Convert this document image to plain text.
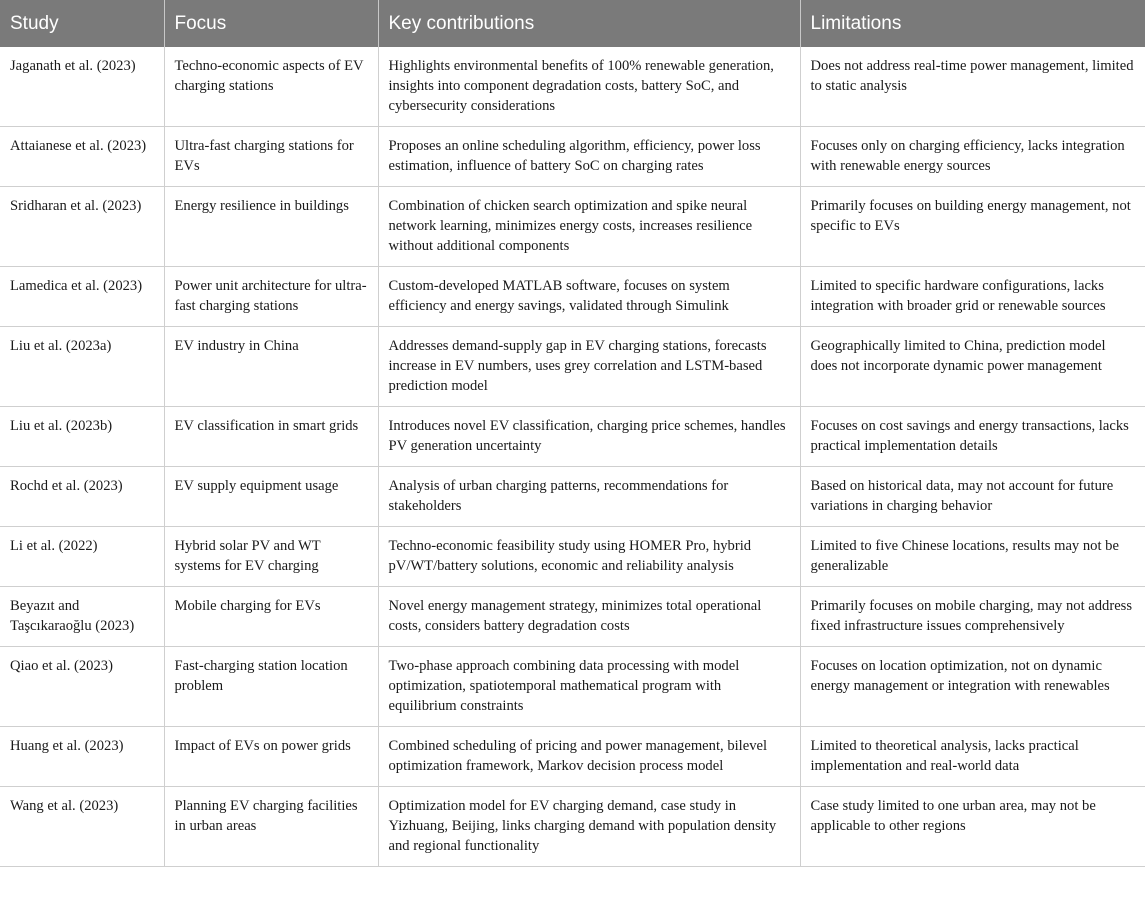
Study	Focus	Key contributions	Limitations
Jaganath et al. (2023)	Techno-economic aspects of EV charging stations	Highlights environmental benefits of 100% renewable generation, insights into component degradation costs, battery SoC, and cybersecurity considerations	Does not address real-time power management, limited to static analysis
Attaianese et al. (2023)	Ultra-fast charging stations for EVs	Proposes an online scheduling algorithm, efficiency, power loss estimation, influence of battery SoC on charging rates	Focuses only on charging efficiency, lacks integration with renewable energy sources
Sridharan et al. (2023)	Energy resilience in buildings	Combination of chicken search optimization and spike neural network learning, minimizes energy costs, increases resilience without additional components	Primarily focuses on building energy management, not specific to EVs
Lamedica et al. (2023)	Power unit architecture for ultra-fast charging stations	Custom-developed MATLAB software, focuses on system efficiency and energy savings, validated through Simulink	Limited to specific hardware configurations, lacks integration with broader grid or renewable sources
Liu et al. (2023a)	EV industry in China	Addresses demand-supply gap in EV charging stations, forecasts increase in EV numbers, uses grey correlation and LSTM-based prediction model	Geographically limited to China, prediction model does not incorporate dynamic power management
Liu et al. (2023b)	EV classification in smart grids	Introduces novel EV classification, charging price schemes, handles PV generation uncertainty	Focuses on cost savings and energy transactions, lacks practical implementation details
Rochd et al. (2023)	EV supply equipment usage	Analysis of urban charging patterns, recommendations for stakeholders	Based on historical data, may not account for future variations in charging behavior
Li et al. (2022)	Hybrid solar PV and WT systems for EV charging	Techno-economic feasibility study using HOMER Pro, hybrid pV/WT/battery solutions, economic and reliability analysis	Limited to five Chinese locations, results may not be generalizable
Beyazıt and Taşcıkaraoğlu (2023)	Mobile charging for EVs	Novel energy management strategy, minimizes total operational costs, considers battery degradation costs	Primarily focuses on mobile charging, may not address fixed infrastructure issues comprehensively
Qiao et al. (2023)	Fast-charging station location problem	Two-phase approach combining data processing with model optimization, spatiotemporal mathematical program with equilibrium constraints	Focuses on location optimization, not on dynamic energy management or integration with renewables
Huang et al. (2023)	Impact of EVs on power grids	Combined scheduling of pricing and power management, bilevel optimization framework, Markov decision process model	Limited to theoretical analysis, lacks practical implementation and real-world data
Wang et al. (2023)	Planning EV charging facilities in urban areas	Optimization model for EV charging demand, case study in Yizhuang, Beijing, links charging demand with population density and regional functionality	Case study limited to one urban area, may not be applicable to other regions
